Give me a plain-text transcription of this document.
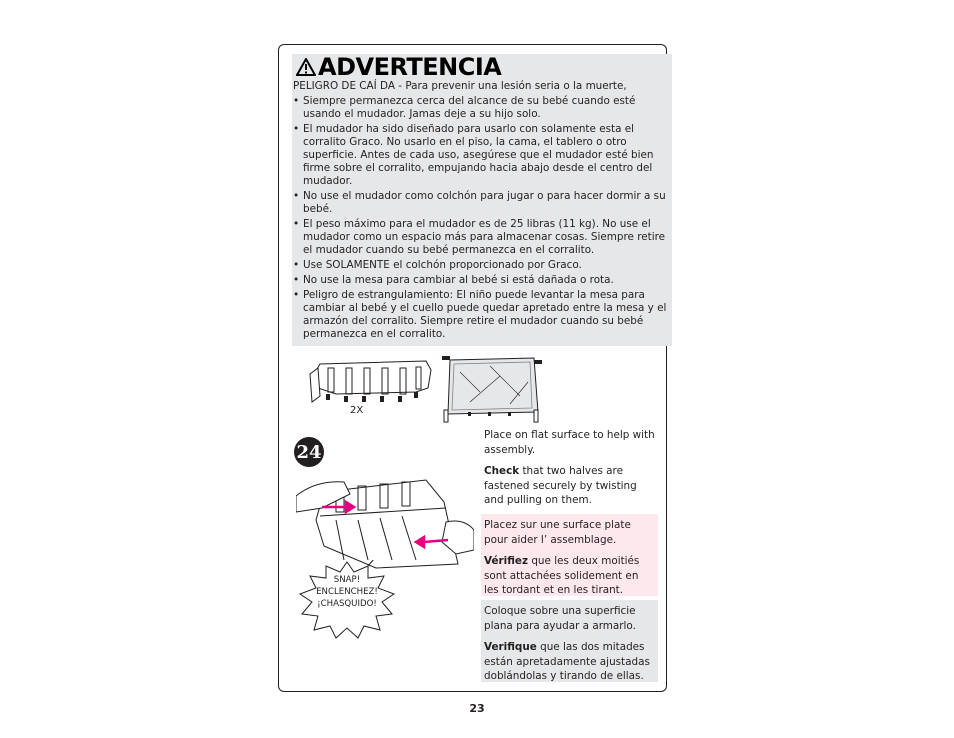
ADVERTENCIA
PELIGRO DE CAÍ DA - Para prevenir una lesión seria o la muerte,
• Siempre permanezca cerca del alcance de su bebé cuando esté usando el mudador. Jamas deje a su hijo solo.
• El mudador ha sido diseñado para usarlo con solamente esta el corralito Graco. No usarlo en el piso, la cama, el tablero o otro superficie. Antes de cada uso, asegúrese que el mudador esté bien firme sobre el corralito, empujando hacia abajo desde el centro del mudador.
• No use el mudador como colchón para jugar o para hacer dormir a su bebé.
• El peso máximo para el mudador es de 25 libras (11 kg). No use el mudador como un espacio más para almacenar cosas. Siempre retire el mudador cuando su bebé permanezca en el corralito.
• Use SOLAMENTE el colchón proporcionado por Graco.
• No use la mesa para cambiar al bebé si está dañada o rota.
• Peligro de estrangulamiento: El niño puede levantar la mesa para cambiar al bebé y el cuello puede quedar apretado entre la mesa y el armazón del corralito. Siempre retire el mudador cuando su bebé permanezca en el corralito.
2X
24
SNAP!
ENCLENCHEZ!
¡CHASQUIDO!

Place on flat surface to help with assembly.

Check that two halves are fastened securely by twisting and pulling on them.

Placez sur une surface plate pour aider l’ assemblage.

Vérifiez que les deux moitiés sont attachées solidement en les tordant et en les tirant.

Coloque sobre una superficie plana para ayudar a armarlo.

Verifique que las dos mitades están apretadamente ajustadas doblándolas y tirando de ellas.

23
